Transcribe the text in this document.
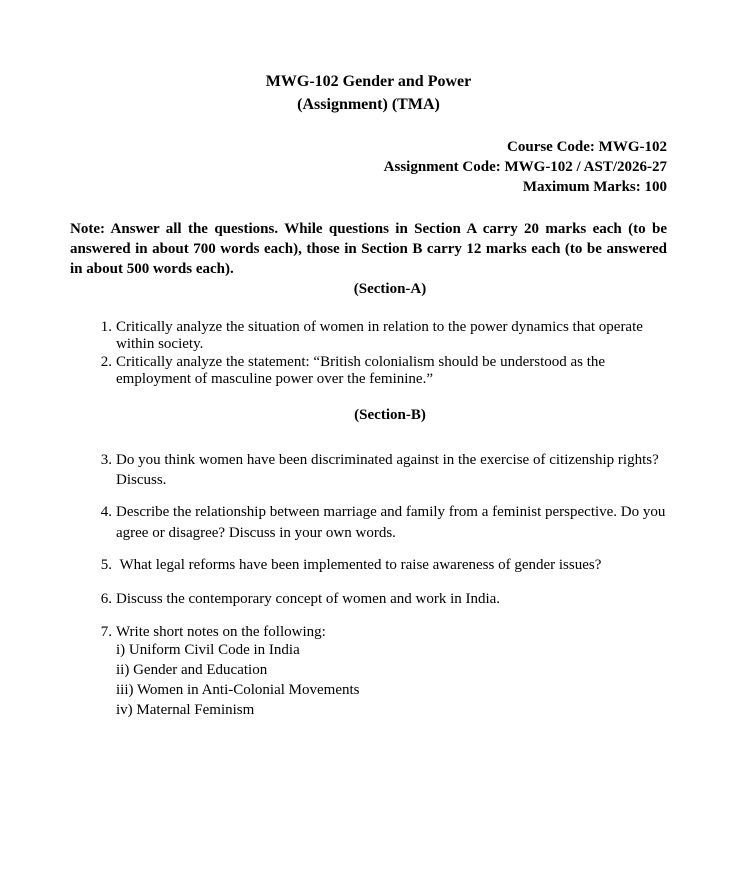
MWG-102 Gender and Power
(Assignment) (TMA)
Course Code: MWG-102
Assignment Code: MWG-102 / AST/2026-27
Maximum Marks: 100
Note: Answer all the questions. While questions in Section A carry 20 marks each (to be answered in about 700 words each), those in Section B carry 12 marks each (to be answered in about 500 words each).
(Section-A)
1. Critically analyze the situation of women in relation to the power dynamics that operate within society.
2. Critically analyze the statement: “British colonialism should be understood as the employment of masculine power over the feminine.”
(Section-B)
3. Do you think women have been discriminated against in the exercise of citizenship rights? Discuss.
4. Describe the relationship between marriage and family from a feminist perspective. Do you agree or disagree? Discuss in your own words.
5. What legal reforms have been implemented to raise awareness of gender issues?
6. Discuss the contemporary concept of women and work in India.
7. Write short notes on the following:
i) Uniform Civil Code in India
ii) Gender and Education
iii) Women in Anti-Colonial Movements
iv) Maternal Feminism
